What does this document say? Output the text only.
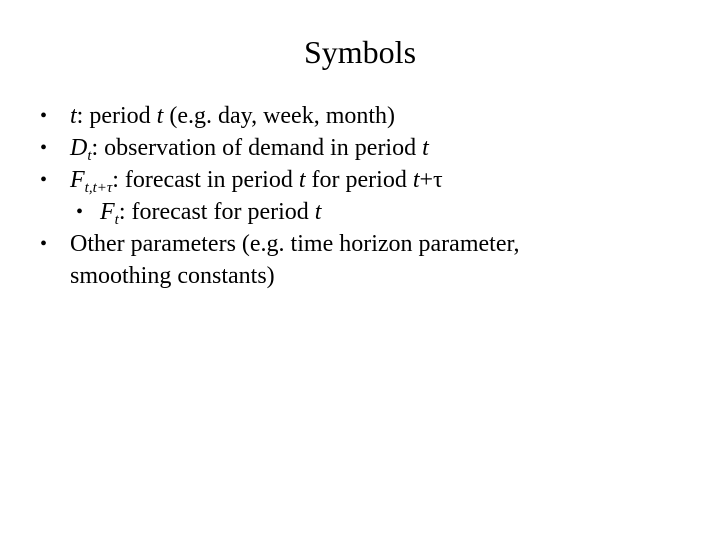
Symbols
• t: period t (e.g. day, week, month)
• $D_t$: observation of demand in period t
• $F_{t,t+\tau}$: forecast in period t for period t+τ
• $F_t$: forecast for period t
• Other parameters (e.g. time horizon parameter,
smoothing constants)
